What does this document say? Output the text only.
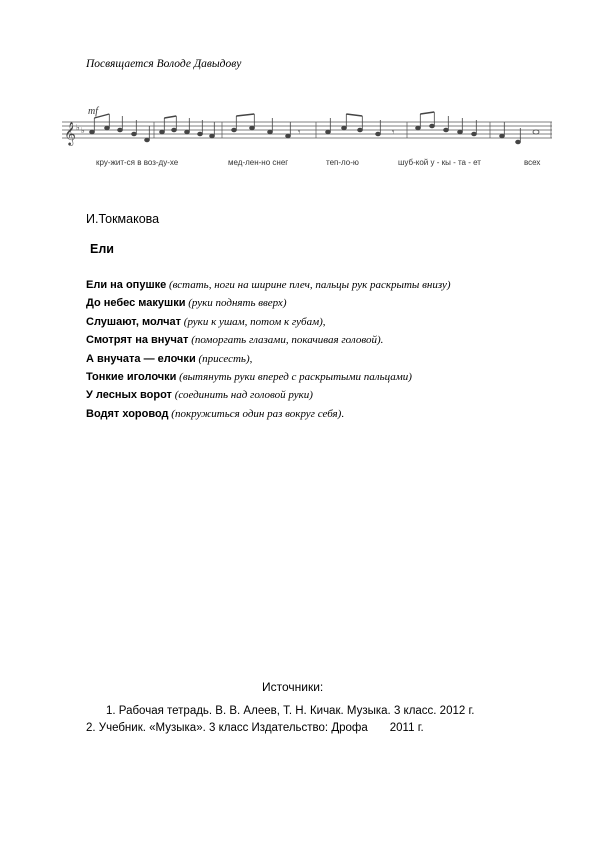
Посвящается Володе Давыдову
𝄞 ♭ ♭
mf
𝄾	𝄾
кру-жит-ся в воз-ду-хе	мед-лен-но снег	теп-ло-ю	шуб-кой у - кы - та - ет	всех
И.Токмакова
Ели
Ели на опушке (встать, ноги на ширине плеч, пальцы рук раскрыты внизу)
До небес макушки (руки поднять вверх)
Слушают, молчат (руки к ушам, потом к губам),
Смотрят на внучат (поморгать глазами, покачивая головой).
А внучата — елочки (присесть),
Тонкие иголочки (вытянуть руки вперед с раскрытыми пальцами)
У лесных ворот (соединить над головой руки)
Водят хоровод (покружиться один раз вокруг себя).
Источники:
1. Рабочая тетрадь. В. В. Алеев, Т. Н. Кичак. Музыка. 3 класс. 2012 г.
2. Учебник. «Музыка». 3 класс Издательство: Дрофа 2011 г.
